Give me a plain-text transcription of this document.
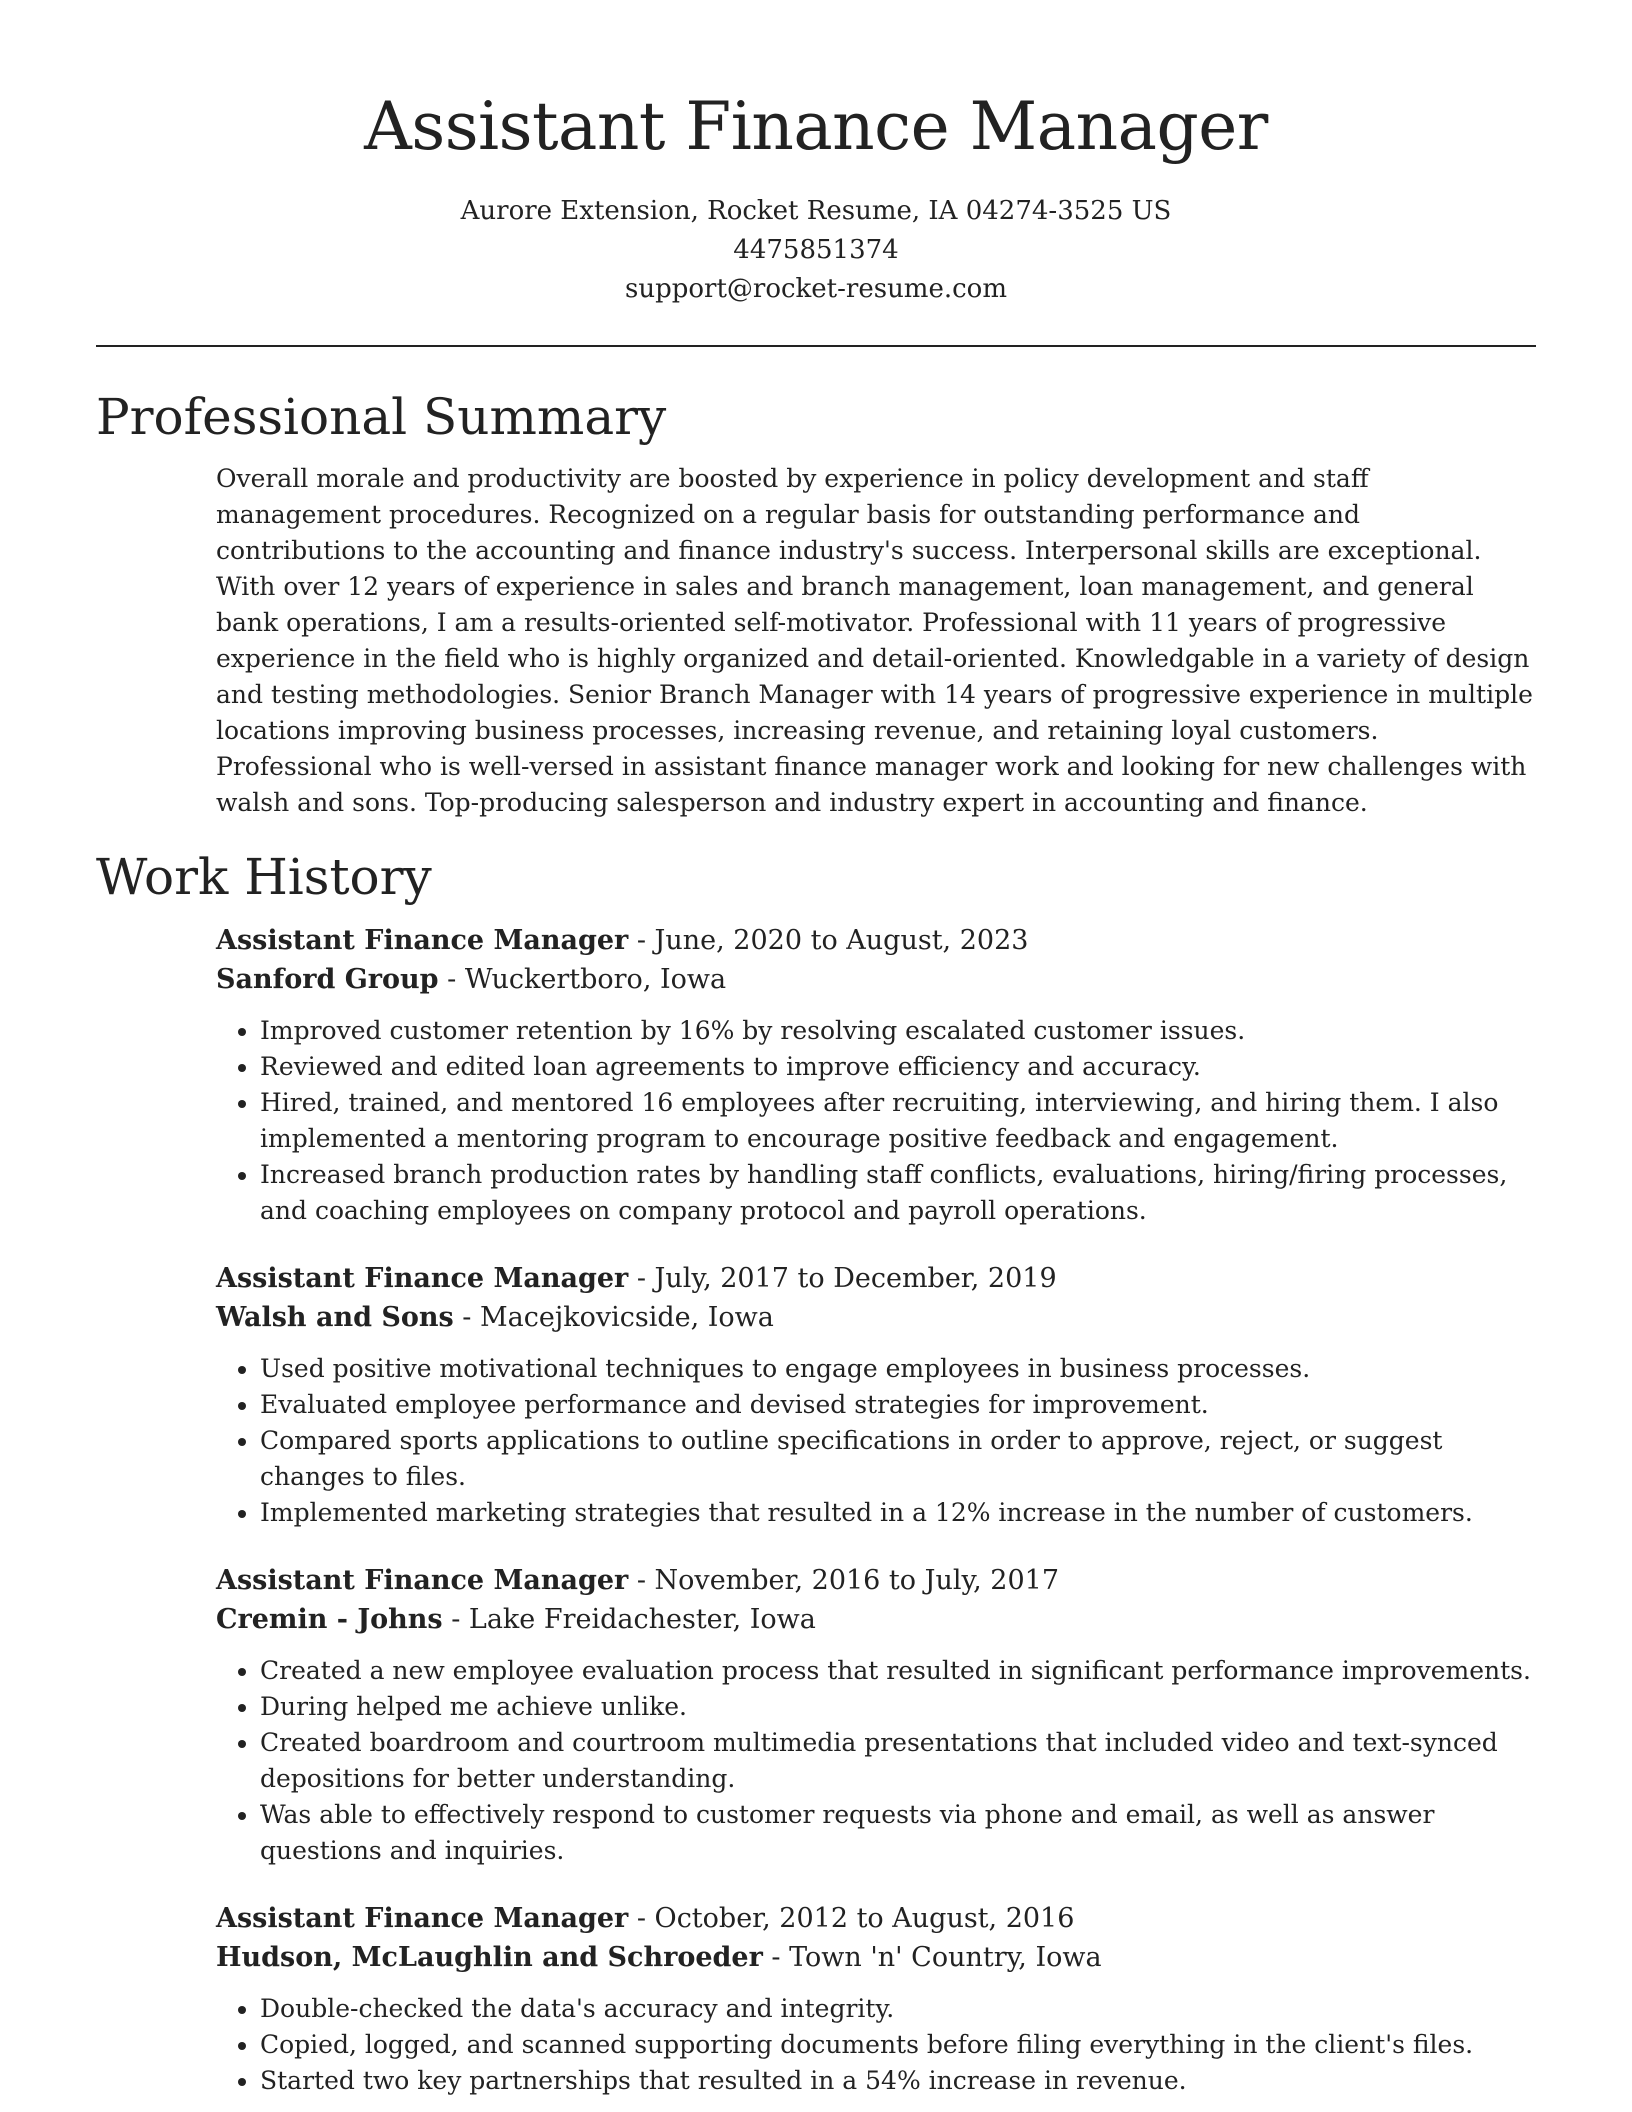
Assistant Finance Manager
Aurore Extension, Rocket Resume, IA 04274-3525 US
4475851374
support@rocket-resume.com
Professional Summary
Overall morale and productivity are boosted by experience in policy development and staff management procedures. Recognized on a regular basis for outstanding performance and contributions to the accounting and finance industry's success. Interpersonal skills are exceptional. With over 12 years of experience in sales and branch management, loan management, and general bank operations, I am a results-oriented self-motivator. Professional with 11 years of progressive experience in the field who is highly organized and detail-oriented. Knowledgable in a variety of design and testing methodologies. Senior Branch Manager with 14 years of progressive experience in multiple locations improving business processes, increasing revenue, and retaining loyal customers. Professional who is well-versed in assistant finance manager work and looking for new challenges with walsh and sons. Top-producing salesperson and industry expert in accounting and finance.
Work History
Assistant Finance Manager - June, 2020 to August, 2023
Sanford Group - Wuckertboro, Iowa
• Improved customer retention by 16% by resolving escalated customer issues.
• Reviewed and edited loan agreements to improve efficiency and accuracy.
• Hired, trained, and mentored 16 employees after recruiting, interviewing, and hiring them. I also implemented a mentoring program to encourage positive feedback and engagement.
• Increased branch production rates by handling staff conflicts, evaluations, hiring/firing processes, and coaching employees on company protocol and payroll operations.
Assistant Finance Manager - July, 2017 to December, 2019
Walsh and Sons - Macejkovicside, Iowa
• Used positive motivational techniques to engage employees in business processes.
• Evaluated employee performance and devised strategies for improvement.
• Compared sports applications to outline specifications in order to approve, reject, or suggest changes to files.
• Implemented marketing strategies that resulted in a 12% increase in the number of customers.
Assistant Finance Manager - November, 2016 to July, 2017
Cremin - Johns - Lake Freidachester, Iowa
• Created a new employee evaluation process that resulted in significant performance improvements.
• During helped me achieve unlike.
• Created boardroom and courtroom multimedia presentations that included video and text-synced depositions for better understanding.
• Was able to effectively respond to customer requests via phone and email, as well as answer questions and inquiries.
Assistant Finance Manager - October, 2012 to August, 2016
Hudson, McLaughlin and Schroeder - Town 'n' Country, Iowa
• Double-checked the data's accuracy and integrity.
• Copied, logged, and scanned supporting documents before filing everything in the client's files.
• Started two key partnerships that resulted in a 54% increase in revenue.
